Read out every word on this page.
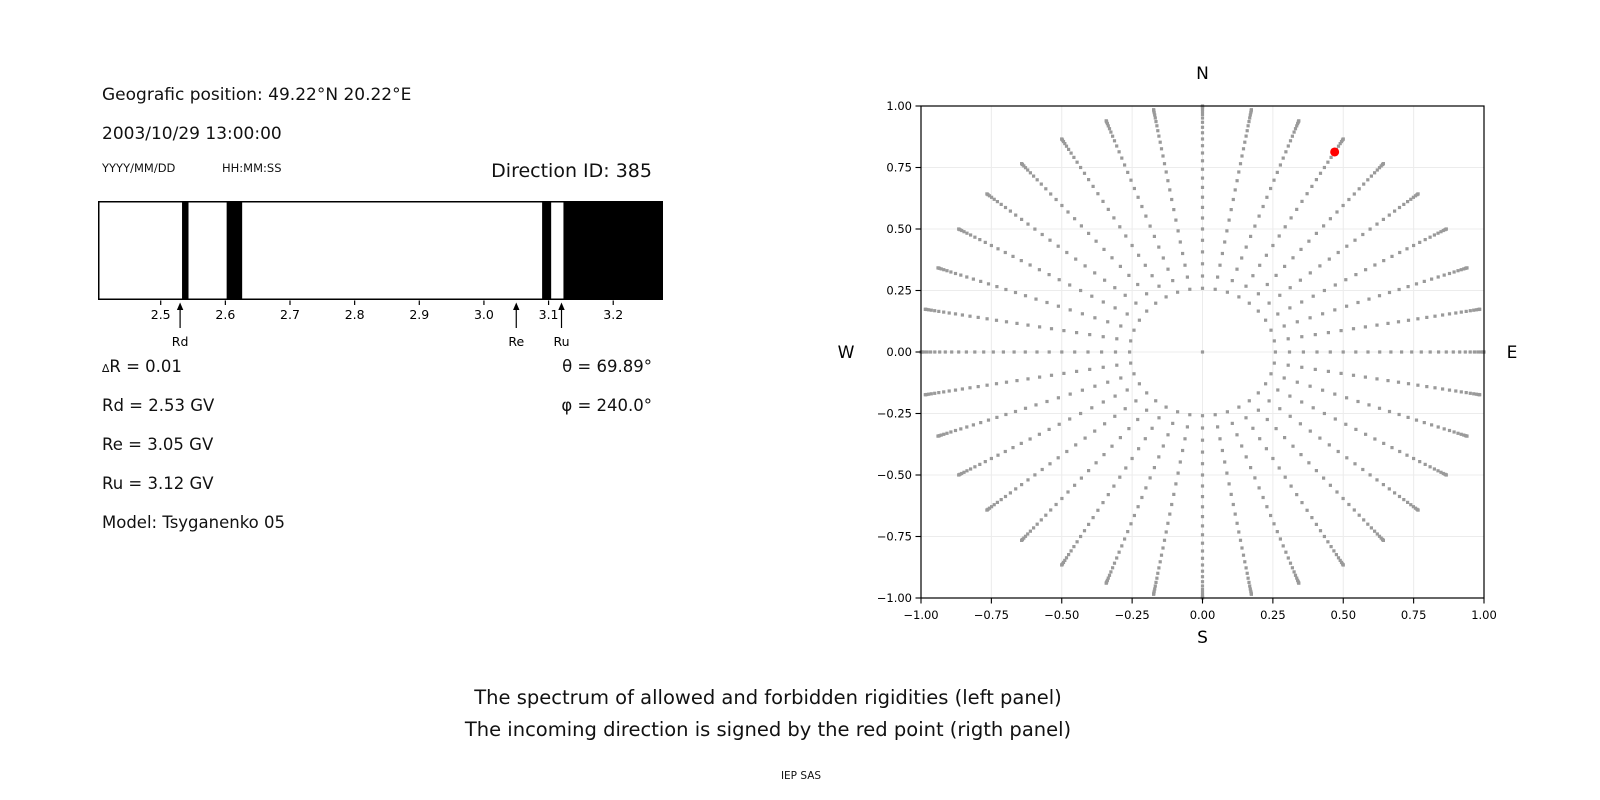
Geografic position: 49.22°N 20.22°E
2003/10/29 13:00:00
YYYY/MM/DD	HH:MM:SS	Direction ID: 385
2.5	2.6	2.7	2.8	2.9	3.0	3.1	3.2
Rd	Re Ru
∆R = 0.01	θ = 69.89°
Rd = 2.53 GV	φ = 240.0°
Re = 3.05 GV
Ru = 3.12 GV
Model: Tsyganenko 05
−1.00	−0.75	−0.50	−0.25	0.00	0.25	0.50	0.75	1.00
−1.00
−0.75
−0.50
−0.25
0.00
0.25
0.50
0.75
1.00
N
S
W	E
The spectrum of allowed and forbidden rigidities (left panel)
The incoming direction is signed by the red point (rigth panel)
IEP SAS
